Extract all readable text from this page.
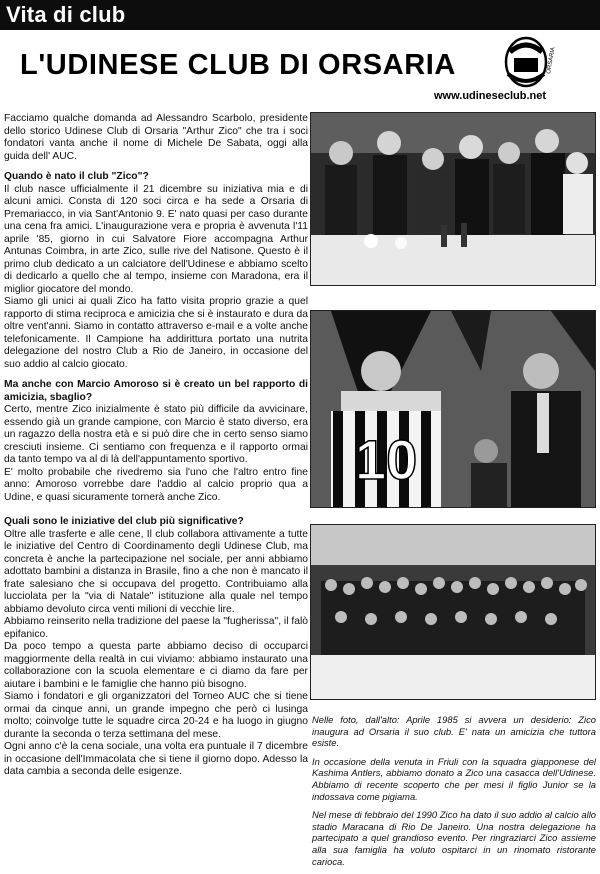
Vita di club
L'UDINESE CLUB DI ORSARIA	ORSARIA
www.udineseclub.net

Facciamo qualche domanda ad Alessandro Scarbolo, presidente dello storico Udinese Club di Orsaria "Arthur Zico" che tra i soci fondatori vanta anche il nome di Michele De Sabata, oggi alla guida dell' AUC.

Quando è nato il club "Zico"?

Il club nasce ufficialmente il 21 dicembre su iniziativa mia e di alcuni amici. Consta di 120 soci circa e ha sede a Orsaria di Premariacco, in via Sant'Antonio 9. E' nato quasi per caso durante una cena fra amici. L'inaugurazione vera e propria è avvenuta l'11 aprile '85, giorno in cui Salvatore Fiore accompagna Arthur Antunas Coimbra, in arte Zico, sulle rive del Natisone. Questo è il primo club dedicato a un calciatore dell'Udinese e abbiamo scelto di dedicarlo a quello che al tempo, insieme con Maradona, era il miglior giocatore del mondo.

Siamo gli unici ai quali Zico ha fatto visita proprio grazie a quel rapporto di stima reciproca e amicizia che si è instaurato e dura da oltre vent'anni. Siamo in contatto attraverso e-mail e a volte anche telefonicamente. Il Campione ha addirittura portato una nutrita delegazione del nostro Club a Rio de Janeiro, in occasione del suo addio al calcio giocato.

Ma anche con Marcio Amoroso si è creato un bel rapporto di amicizia, sbaglio?

Certo, mentre Zico inizialmente è stato più difficile da avvicinare, essendo già un grande campione, con Marcio è stato diverso, era un ragazzo della nostra età e si può dire che in certo senso siamo cresciuti insieme. Ci sentiamo con frequenza e il rapporto ormai da tanto tempo va al di là dell'appuntamento sportivo.

E' molto probabile che rivedremo sia l'uno che l'altro entro fine anno: Amoroso vorrebbe dare l'addio al calcio proprio qua a Udine, e quasi sicuramente tornerà anche Zico.

Quali sono le iniziative del club più significative?

Oltre alle trasferte e alle cene, Il club collabora attivamente a tutte le iniziative del Centro di Coordinamento degli Udinese Club, ma concreta è anche la partecipazione nel sociale, per anni abbiamo adottato bambini a distanza in Brasile, fino a che non è mancato il frate salesiano che si occupava del progetto. Contribuiamo alla lucciolata per la "via di Natale" istituzione alla quale nel tempo abbiamo devoluto circa venti milioni di vecchie lire.

Abbiamo reinserito nella tradizione del paese la "fugherissa", il falò epifanico.

Da poco tempo a questa parte abbiamo deciso di occuparci maggiormente della realtà in cui viviamo: abbiamo instaurato una collaborazione con la scuola elementare e ci diamo da fare per aiutare i bambini e le famiglie che hanno più bisogno.

Siamo i fondatori e gli organizzatori del Torneo AUC che si tiene ormai da cinque anni, un grande impegno che però ci lusinga molto; coinvolge tutte le squadre circa 20-24 e ha luogo in giugno durante la seconda o terza settimana del mese.

Ogni anno c'è la cena sociale, una volta era puntuale il 7 dicembre in occasione dell'Immacolata che si tiene il giorno dopo. Adesso la data cambia a seconda delle esigenze.

10

Nelle foto, dall'alto: Aprile 1985 si avvera un desiderio: Zico inaugura ad Orsaria il suo club. E' nata un amicizia che tuttora esiste.

In occasione della venuta in Friuli con la squadra giapponese del Kashima Antlers, abbiamo donato a Zico una casacca dell'Udinese. Abbiamo di recente scoperto che per mesi il figlio Junior se la indossava come pigiama.

Nel mese di febbraio del 1990 Zico ha dato il suo addio al calcio allo stadio Maracana di Rio De Janeiro. Una nostra delegazione ha partecipato a quel grandioso evento. Per ringraziarci Zico assieme alla sua famiglia ha voluto ospitarci in un rinomato ristorante carioca.
